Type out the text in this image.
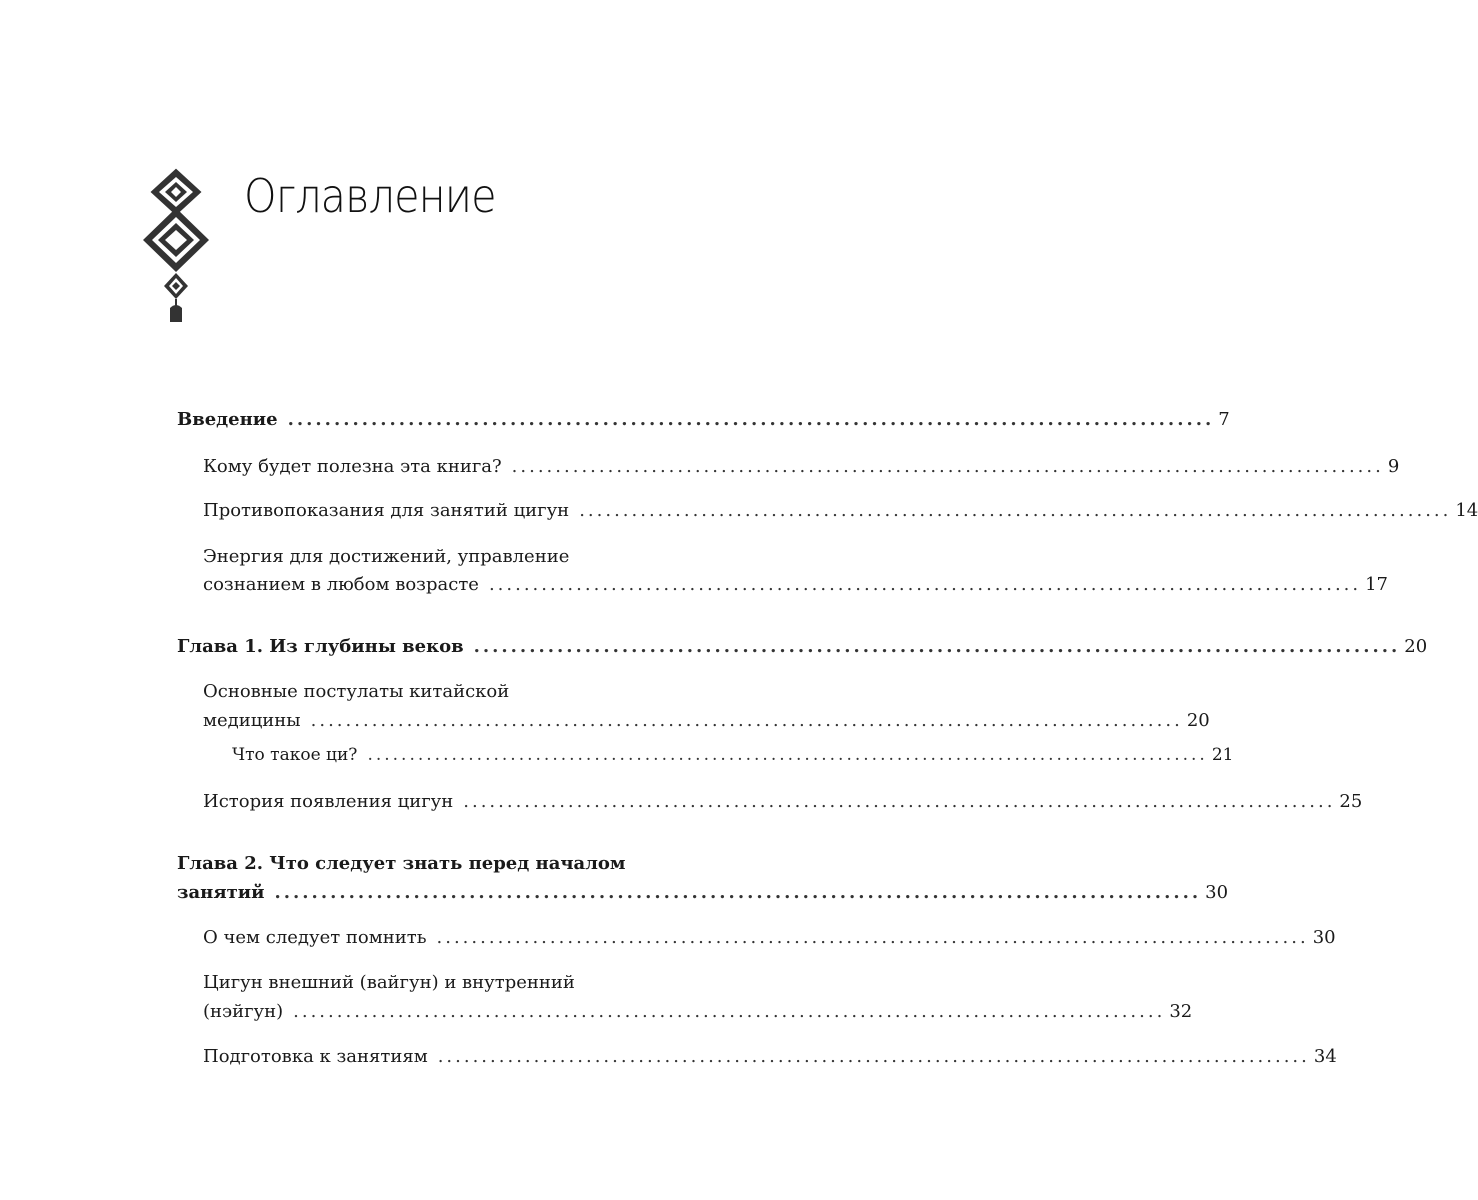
Оглавление
Введение .................................................................................................... 7
Кому будет полезна эта книга? .................................................................................................... 9
Противопоказания для занятий цигун .................................................................................................... 14
Энергия для достижений, управление
сознанием в любом возрасте .................................................................................................... 17
Глава 1. Из глубины веков .................................................................................................... 20
Основные постулаты китайской
медицины .................................................................................................... 20
Что такое ци? .................................................................................................... 21
История появления цигун .................................................................................................... 25
Глава 2. Что следует знать перед началом
занятий .................................................................................................... 30
О чем следует помнить .................................................................................................... 30
Цигун внешний (вайгун) и внутренний
(нэйгун) .................................................................................................... 32
Подготовка к занятиям .................................................................................................... 34
